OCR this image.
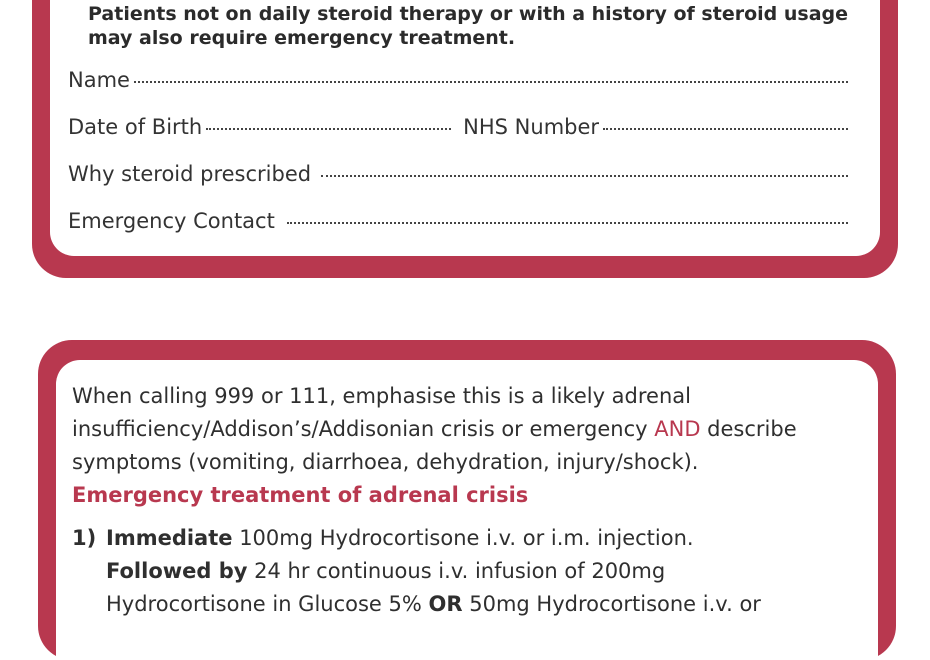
Patients not on daily steroid therapy or with a history of steroid usage
may also require emergency treatment.
Name
Date of Birth	NHS Number
Why steroid prescribed
Emergency Contact
When calling 999 or 111, emphasise this is a likely adrenal
insufficiency/Addison’s/Addisonian crisis or emergency AND describe
symptoms (vomiting, diarrhoea, dehydration, injury/shock).
Emergency treatment of adrenal crisis
1) Immediate 100mg Hydrocortisone i.v. or i.m. injection.
Followed by 24 hr continuous i.v. infusion of 200mg
Hydrocortisone in Glucose 5% OR 50mg Hydrocortisone i.v. or
